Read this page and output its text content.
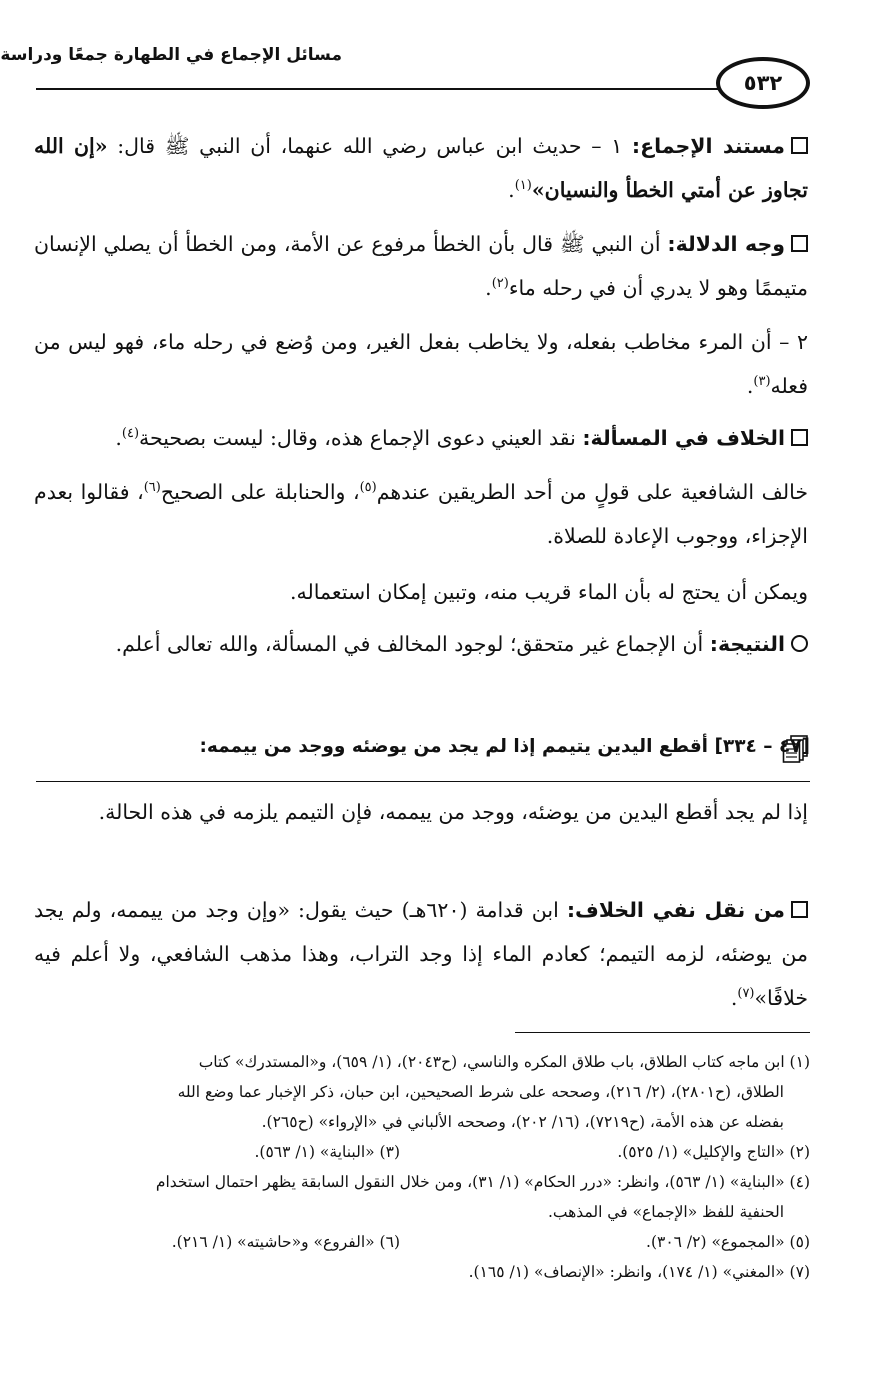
مسائل الإجماع في الطهارة جمعًا ودراسة
٥٣٢

مستند الإجماع: ١ – حديث ابن عباس رضي الله عنهما، أن النبي ﷺ قال: «إن الله تجاوز عن أمتي الخطأ والنسيان»$^{(١)}$.

وجه الدلالة: أن النبي ﷺ قال بأن الخطأ مرفوع عن الأمة، ومن الخطأ أن يصلي الإنسان متيممًا وهو لا يدري أن في رحله ماء$^{(٢)}$.

٢ – أن المرء مخاطب بفعله، ولا يخاطب بفعل الغير، ومن وُضع في رحله ماء، فهو ليس من فعله$^{(٣)}$.

الخلاف في المسألة: نقد العيني دعوى الإجماع هذه، وقال: ليست بصحيحة$^{(٤)}$.

خالف الشافعية على قولٍ من أحد الطريقين عندهم$^{(٥)}$، والحنابلة على الصحيح$^{(٦)}$، فقالوا بعدم الإجزاء، ووجوب الإعادة للصلاة.

ويمكن أن يحتج له بأن الماء قريب منه، وتبين إمكان استعماله.

النتيجة: أن الإجماع غير متحقق؛ لوجود المخالف في المسألة، والله تعالى أعلم.

[٤٧ – ٣٣٤] أقطع اليدين يتيمم إذا لم يجد من يوضئه ووجد من ييممه:

إذا لم يجد أقطع اليدين من يوضئه، ووجد من ييممه، فإن التيمم يلزمه في هذه الحالة.

من نقل نفي الخلاف: ابن قدامة (٦٢٠هـ) حيث يقول: «وإن وجد من ييممه، ولم يجد من يوضئه، لزمه التيمم؛ كعادم الماء إذا وجد التراب، وهذا مذهب الشافعي، ولا أعلم فيه خلافًا»$^{(٧)}$.

(١) ابن ماجه كتاب الطلاق، باب طلاق المكره والناسي، (ح٢٠٤٣)، (١/ ٦٥٩)، و«المستدرك» كتاب

الطلاق، (ح٢٨٠١)، (٢/ ٢١٦)، وصححه على شرط الصحيحين، ابن حبان، ذكر الإخبار عما وضع الله

بفضله عن هذه الأمة، (ح٧٢١٩)، (١٦/ ٢٠٢)، وصححه الألباني في «الإرواء» (ح٢٦٥).

(٢) «التاج والإكليل» (١/ ٥٢٥).
(٣) «البناية» (١/ ٥٦٣).

(٤) «البناية» (١/ ٥٦٣)، وانظر: «درر الحكام» (١/ ٣١)، ومن خلال النقول السابقة يظهر احتمال استخدام

الحنفية للفظ «الإجماع» في المذهب.

(٥) «المجموع» (٢/ ٣٠٦).
(٦) «الفروع» و«حاشيته» (١/ ٢١٦).

(٧) «المغني» (١/ ١٧٤)، وانظر: «الإنصاف» (١/ ١٦٥).
